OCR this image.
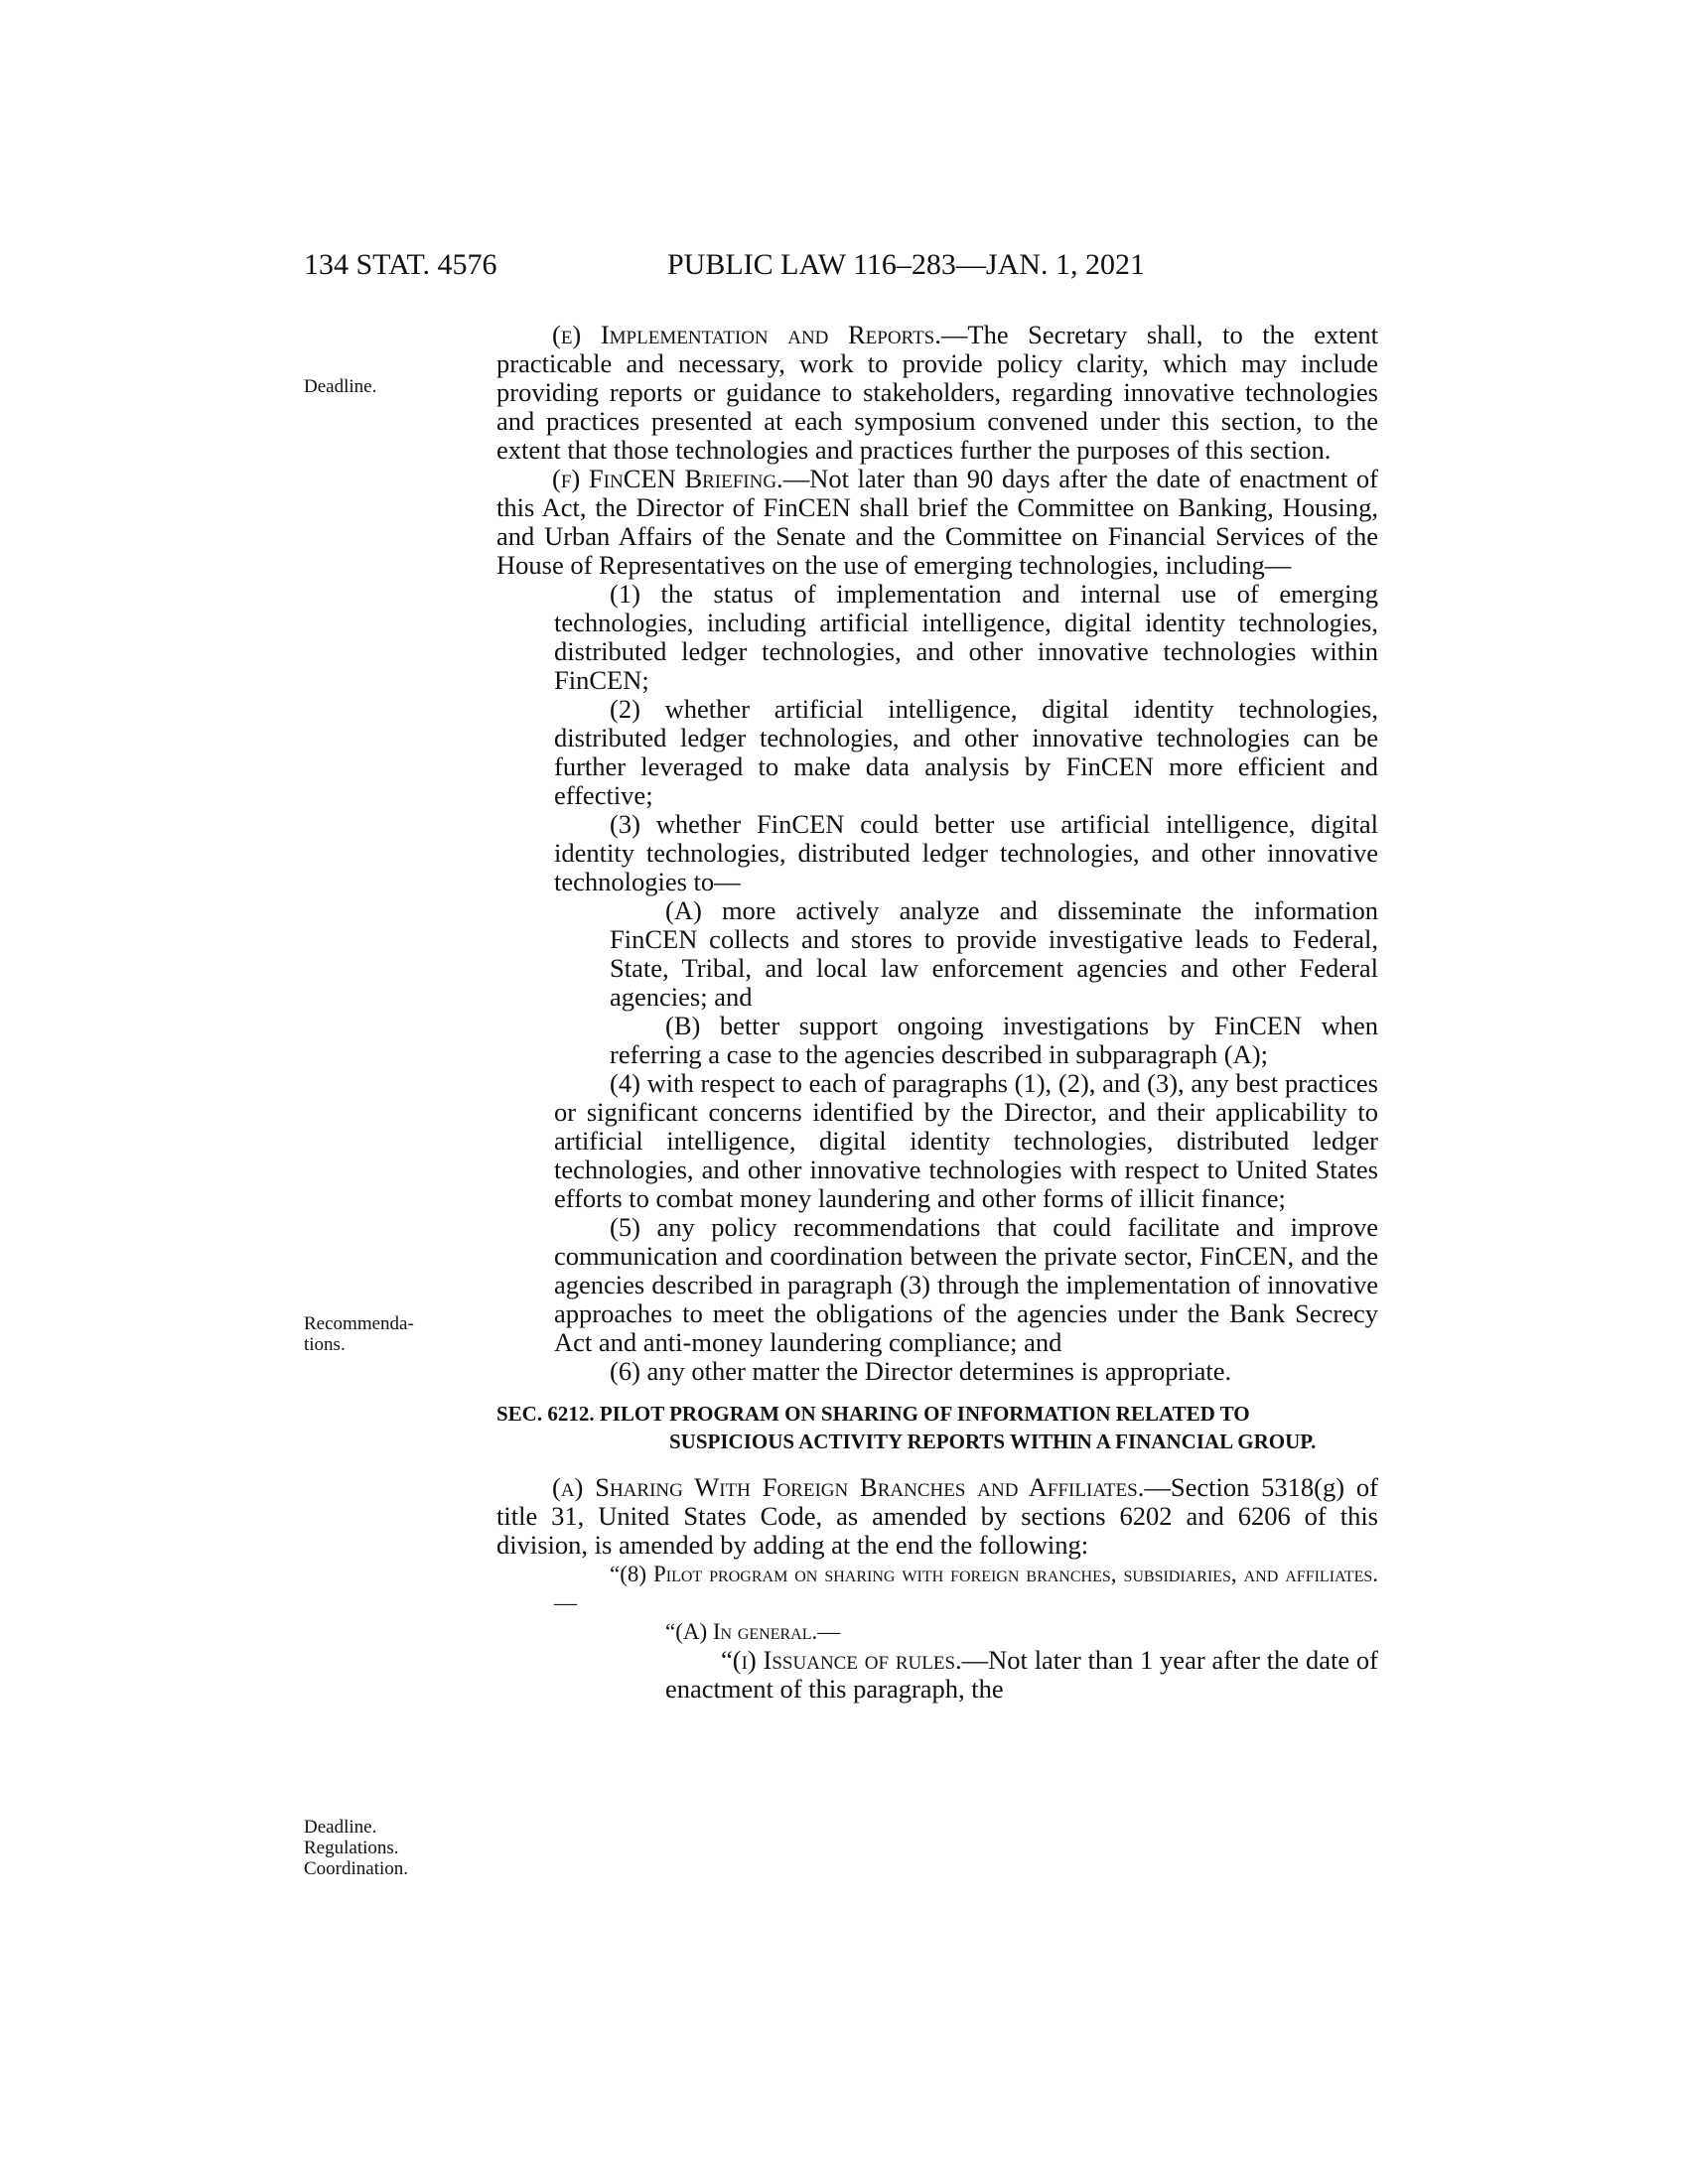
134 STAT. 4576	PUBLIC LAW 116–283—JAN. 1, 2021
Deadline.
Recommenda-tions.
Deadline.
Regulations.
Coordination.

(e) Implementation and Reports.—The Secretary shall, to the extent practicable and necessary, work to provide policy clarity, which may include providing reports or guidance to stakeholders, regarding innovative technologies and practices presented at each symposium convened under this section, to the extent that those technologies and practices further the purposes of this section.

(f) FinCEN Briefing.—Not later than 90 days after the date of enactment of this Act, the Director of FinCEN shall brief the Committee on Banking, Housing, and Urban Affairs of the Senate and the Committee on Financial Services of the House of Representatives on the use of emerging technologies, including—

(1) the status of implementation and internal use of emerging technologies, including artificial intelligence, digital identity technologies, distributed ledger technologies, and other innovative technologies within FinCEN;

(2) whether artificial intelligence, digital identity technologies, distributed ledger technologies, and other innovative technologies can be further leveraged to make data analysis by FinCEN more efficient and effective;

(3) whether FinCEN could better use artificial intelligence, digital identity technologies, distributed ledger technologies, and other innovative technologies to—

(A) more actively analyze and disseminate the information FinCEN collects and stores to provide investigative leads to Federal, State, Tribal, and local law enforcement agencies and other Federal agencies; and

(B) better support ongoing investigations by FinCEN when referring a case to the agencies described in subparagraph (A);

(4) with respect to each of paragraphs (1), (2), and (3), any best practices or significant concerns identified by the Director, and their applicability to artificial intelligence, digital identity technologies, distributed ledger technologies, and other innovative technologies with respect to United States efforts to combat money laundering and other forms of illicit finance;

(5) any policy recommendations that could facilitate and improve communication and coordination between the private sector, FinCEN, and the agencies described in paragraph (3) through the implementation of innovative approaches to meet the obligations of the agencies under the Bank Secrecy Act and anti-money laundering compliance; and

(6) any other matter the Director determines is appropriate.

SEC. 6212. PILOT PROGRAM ON SHARING OF INFORMATION RELATED TO SUSPICIOUS ACTIVITY REPORTS WITHIN A FINANCIAL GROUP.

(a) Sharing With Foreign Branches and Affiliates.—Section 5318(g) of title 31, United States Code, as amended by sections 6202 and 6206 of this division, is amended by adding at the end the following:

“(8) Pilot program on sharing with foreign branches, subsidiaries, and affiliates.—

“(A) In general.—

“(i) Issuance of rules.—Not later than 1 year after the date of enactment of this paragraph, the
